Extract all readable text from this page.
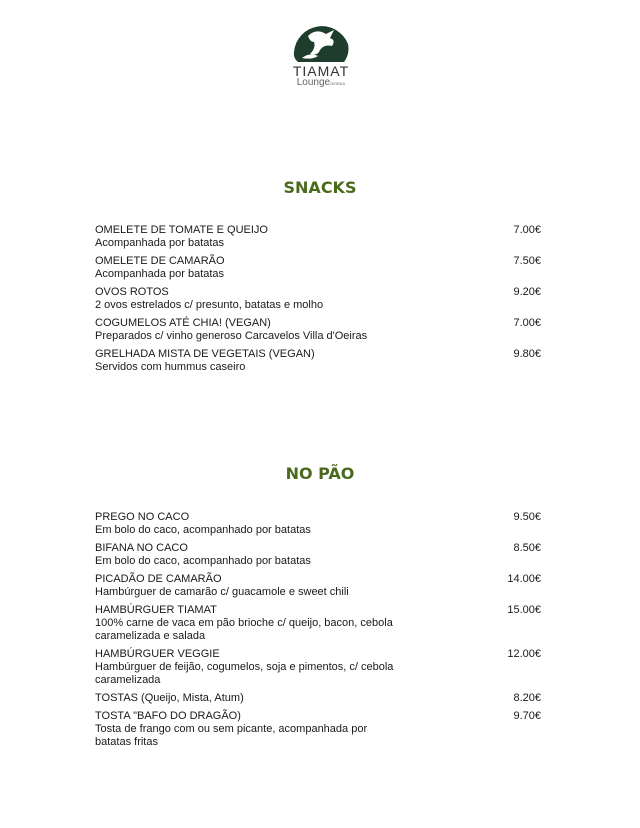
TIAMAT
LoungeOEIRAS
SNACKS
OMELETE DE TOMATE E QUEIJO
Acompanhada por batatas
7.00€
OMELETE DE CAMARÃO
Acompanhada por batatas
7.50€
OVOS ROTOS
2 ovos estrelados c/ presunto, batatas e molho
9.20€
COGUMELOS ATÉ CHIA! (VEGAN)
Preparados c/ vinho generoso Carcavelos Villa d'Oeiras
7.00€
GRELHADA MISTA DE VEGETAIS (VEGAN)
Servidos com hummus caseiro
9.80€
NO PÃO
PREGO NO CACO
Em bolo do caco, acompanhado por batatas
9.50€
BIFANA NO CACO
Em bolo do caco, acompanhado por batatas
8.50€
PICADÃO DE CAMARÃO
Hambúrguer de camarão c/ guacamole e sweet chili
14.00€
HAMBÚRGUER TIAMAT
100% carne de vaca em pão brioche c/ queijo, bacon, cebola caramelizada e salada
15.00€
HAMBÚRGUER VEGGIE
Hambúrguer de feijão, cogumelos, soja e pimentos, c/ cebola caramelizada
12.00€
TOSTAS (Queijo, Mista, Atum)	8.20€
TOSTA "BAFO DO DRAGÃO)
Tosta de frango com ou sem picante, acompanhada por batatas fritas
9.70€
